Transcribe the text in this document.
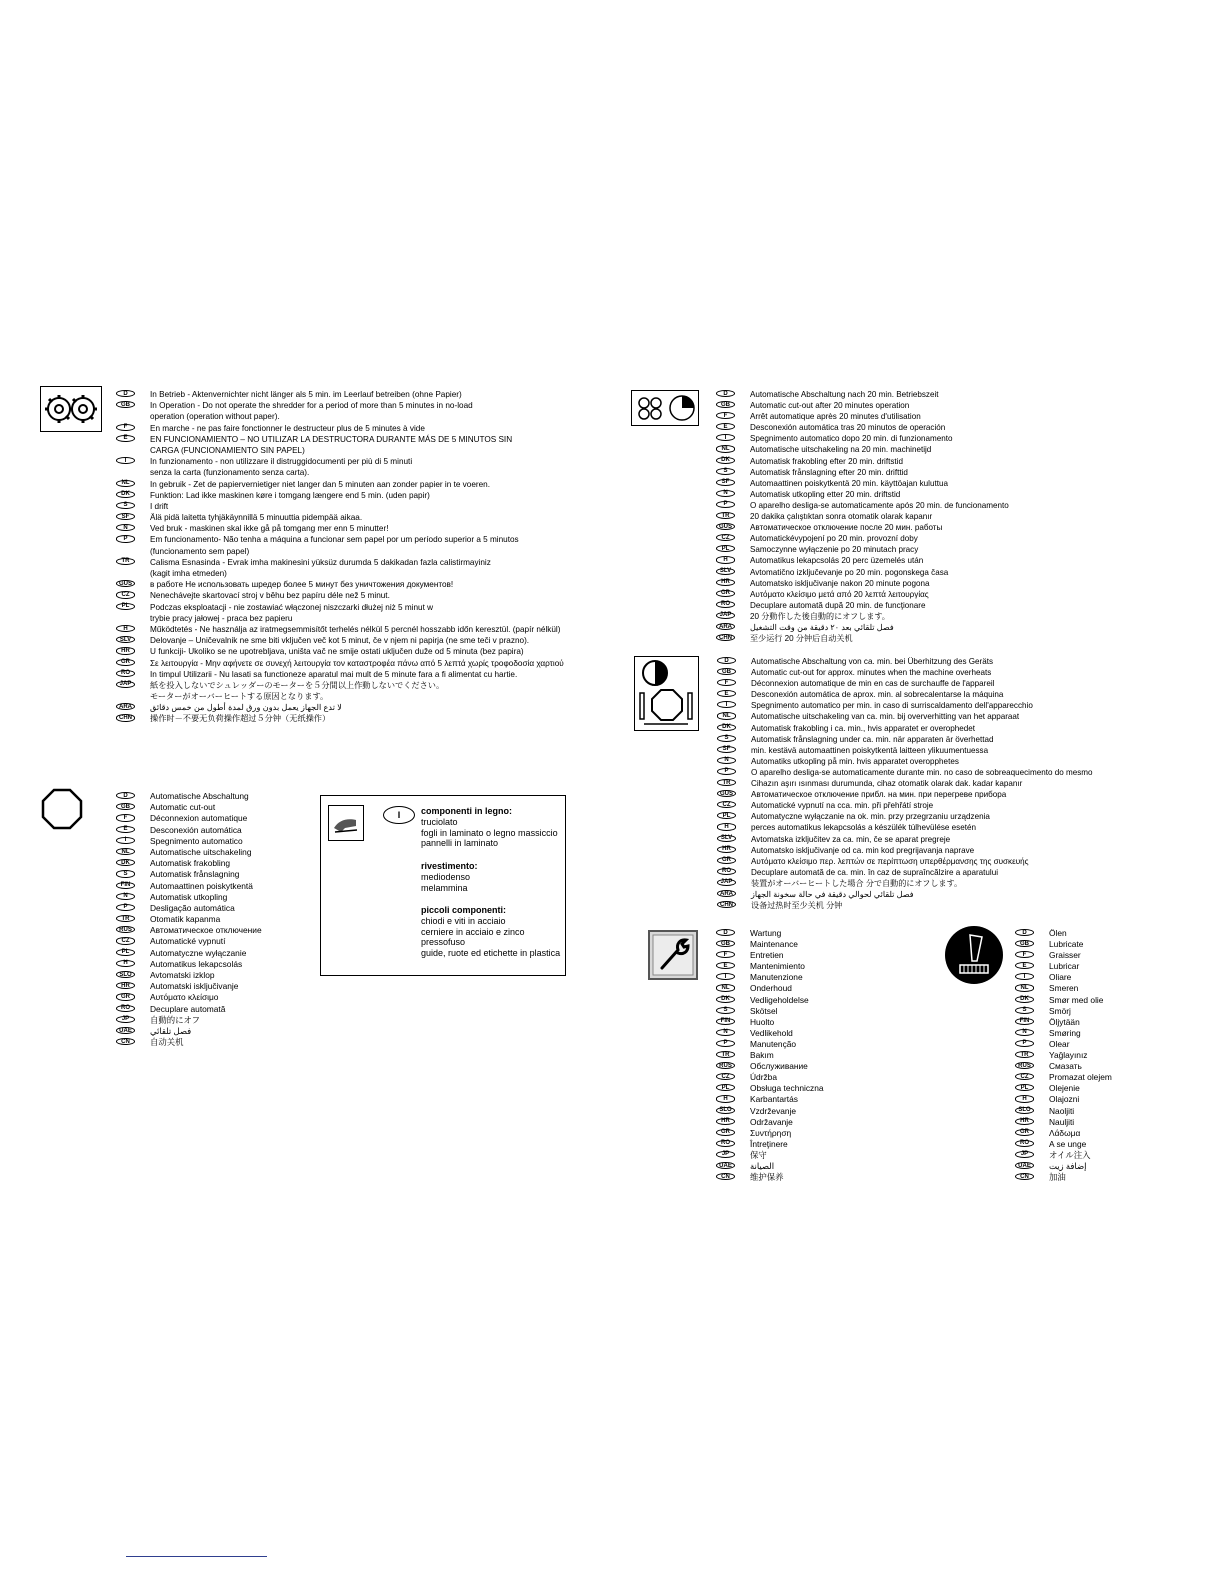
D	In Betrieb - Aktenvernichter nicht länger als 5 min. im Leerlauf betreiben (ohne Papier)
GB	In Operation - Do not operate the shredder for a period of more than 5 minutes in no-load
operation (operation without paper).
F	En marche - ne pas faire fonctionner le destructeur plus de 5 minutes à vide
E	EN FUNCIONAMIENTO – NO UTILIZAR LA DESTRUCTORA DURANTE MÁS DE 5 MINUTOS SIN
CARGA (FUNCIONAMIENTO SIN PAPEL)
I	In funzionamento - non utilizzare il distruggidocumenti per più di 5 minuti
senza la carta (funzionamento senza carta).
NL	In gebruik - Zet de papiervernietiger niet langer dan 5 minuten aan zonder papier in te voeren.
DK	Funktion: Lad ikke maskinen køre i tomgang længere end 5 min. (uden papir)
S	I drift
SF	Älä pidä laitetta tyhjäkäynnillä 5 minuuttia pidempää aikaa.
N	Ved bruk - maskinen skal ikke gå på tomgang mer enn 5 minutter!
P	Em funcionamento- Não tenha a máquina a funcionar sem papel por um período superior a 5 minutos
(funcionamento sem papel)
TR	Calisma Esnasinda - Evrak imha makinesini yüksüz durumda 5 dakikadan fazla calistirmayiniz
(kagit imha etmeden)
GUS	в работе Не использовать шредер более 5 минут без уничтожения документов!
CZ	Nenechávejte skartovací stroj v běhu bez papíru déle než 5 minut.
PL	Podczas eksploatacji - nie zostawiać włączonej niszczarki dłużej niż 5 minut w
trybie pracy jałowej - praca bez papieru
H	Működtetés - Ne használja az iratmegsemmisítőt terhelés nélkül 5 percnél hosszabb időn keresztül. (papír nélkül)
SLV	Delovanje – Uničevalnik ne sme biti vključen več kot 5 minut, če v njem ni papirja (ne sme teči v prazno).
HR	U funkciji- Ukoliko se ne upotrebljava, uništa vač ne smije ostati uključen duže od 5 minuta (bez papira)
GR	Σε λειτουργία - Μην αφήνετε σε συνεχή λειτουργία τον καταστροφέα πάνω από 5 λεπτά χωρίς τροφοδοσία χαρτιού
RO	In timpul Utilizarii - Nu lasati sa functioneze aparatul mai mult de 5 minute fara a fi alimentat cu hartie.
JAP	紙を投入しないでシュレッダーのモーターを５分間以上作動しないでください。
モーターがオーバーヒートする原因となります。
ARA	لا تدع الجهاز يعمل بدون ورق لمدة أطول من خمس دقائق
CHN	操作时－不要无负荷操作超过５分钟（无纸操作）
D	Automatische Abschaltung
GB	Automatic cut-out
F	Déconnexion automatique
E	Desconexión automática
I	Spegnimento automatico
NL	Automatische uitschakeling
DK	Automatisk frakobling
S	Automatisk frånslagning
FIN	Automaattinen poiskytkentä
N	Automatisk utkopling
P	Desligação automática
TR	Otomatik kapanma
RUS	Автоматическое отключение
CZ	Automatické vypnutí
PL	Automatyczne wyłączanie
H	Automatikus lekapcsolás
SLO	Avtomatski izklop
HR	Automatski isključivanje
GR	Αυτόματο κλείσιμο
RO	Decuplare automată
JP	自動的にオフ
UAE	فصل تلقائي
CN	自动关机
I	componenti in legno:
truciolato
fogli in laminato o legno massiccio
pannelli in laminato
rivestimento:
mediodenso
melammina
piccoli componenti:
chiodi e viti in acciaio
cerniere in acciaio e zinco
pressofuso
guide, ruote ed etichette in plastica
D	Automatische Abschaltung nach 20 min. Betriebszeit
GB	Automatic cut-out after 20 minutes operation
F	Arrêt automatique après 20 minutes d'utilisation
E	Desconexión automática tras 20 minutos de operación
I	Spegnimento automatico dopo 20 min. di funzionamento
NL	Automatische uitschakeling na 20 min. machinetijd
DK	Automatisk frakobling efter 20 min. driftstid
S	Automatisk frånslagning efter 20 min. drifttid
SF	Automaattinen poiskytkentä 20 min. käyttöajan kuluttua
N	Automatisk utkopling etter 20 min. driftstid
P	O aparelho desliga-se automaticamente após 20 min. de funcionamento
TR	20 dakika çalıştıktan sonra otomatik olarak kapanır
GUS	Автоматическое отключение после 20 мин. работы
CZ	Automatickévypojení po 20 min. provozní doby
PL	Samoczynne wyłączenie po 20 minutach pracy
H	Automatikus lekapcsolás 20 perc üzemelés után
SLV	Avtomatično izključevanje po 20 min. pogonskega časa
HR	Automatsko isključivanje nakon 20 minute pogona
GR	Αυτόματο κλείσιμο μετά από 20 λεπτά λειτουργίας
RO	Decuplare automată după 20 min. de funcţionare
JAP	20 分動作した後自動的にオフします。
ARA	فصل تلقائي بعد ٢٠ دقيقة من وقت التشغيل
CHN	至少运行 20 分钟后自动关机
D	Automatische Abschaltung von ca. min. bei Überhitzung des Geräts
GB	Automatic cut-out for approx. minutes when the machine overheats
F	Déconnexion automatique de min en cas de surchauffe de l'appareil
E	Desconexión automática de aprox. min. al sobrecalentarse la máquina
I	Spegnimento automatico per min. in caso di surriscaldamento dell'apparecchio
NL	Automatische uitschakeling van ca. min. bij oververhitting van het apparaat
DK	Automatisk frakobling i ca. min., hvis apparatet er overophedet
S	Automatisk frånslagning under ca. min. när apparaten är överhettad
SF	min. kestävä automaattinen poiskytkentä laitteen ylikuumentuessa
N	Automatiks utkopling på min. hvis apparatet overopphetes
P	O aparelho desliga-se automaticamente durante min. no caso de sobreaquecimento do mesmo
TR	Cihazın aşırı ısınması durumunda, cihaz otomatik olarak dak. kadar kapanır
GUS	Автоматическое отключение прибл. на мин. при перегреве прибора
CZ	Automatické vypnutí na cca. min. při přehřátí stroje
PL	Automatyczne wyłączanie na ok. min. przy przegrzaniu urządzenia
H	perces automatikus lekapcsolás a készülék túlhevülése esetén
SLV	Avtomatska izključitev za ca. min, če se aparat pregreje
HR	Automatsko isključivanje od ca. min kod pregrijavanja naprave
GR	Αυτόματο κλείσιμο περ. λεπτών σε περίπτωση υπερθέρμανσης της συσκευής
RO	Decuplare automată de ca. min. în caz de supraîncălzire a aparatului
JAP	装置がオーバーヒートした場合 分で自動的にオフします。
ARA	فصل تلقائي لحوالي دقيقة في حالة سخونة الجهاز
CHN	设备过热时至少关机 分钟
D	Wartung
GB	Maintenance
F	Entretien
E	Mantenimiento
I	Manutenzione
NL	Onderhoud
DK	Vedligeholdelse
S	Skötsel
FIN	Huolto
N	Vedlikehold
P	Manutenção
TR	Bakım
RUS	Обслуживание
CZ	Údržba
PL	Obsługa techniczna
H	Karbantartás
SLO	Vzdrževanje
HR	Održavanje
GR	Συντήρηση
RO	Întreţinere
JP	保守
UAE	الصيانة
CN	维护保养
D	Ölen
GB	Lubricate
F	Graisser
E	Lubricar
I	Oliare
NL	Smeren
DK	Smør med olie
S	Smörj
FIN	Öljytään
N	Smøring
P	Olear
TR	Yağlayınız
RUS	Смазать
CZ	Promazat olejem
PL	Olejenie
H	Olajozni
SLO	Naoljiti
HR	Nauljiti
GR	Λάδωμα
RO	A se unge
JP	オイル注入
UAE	إضافة زيت
CN	加油
